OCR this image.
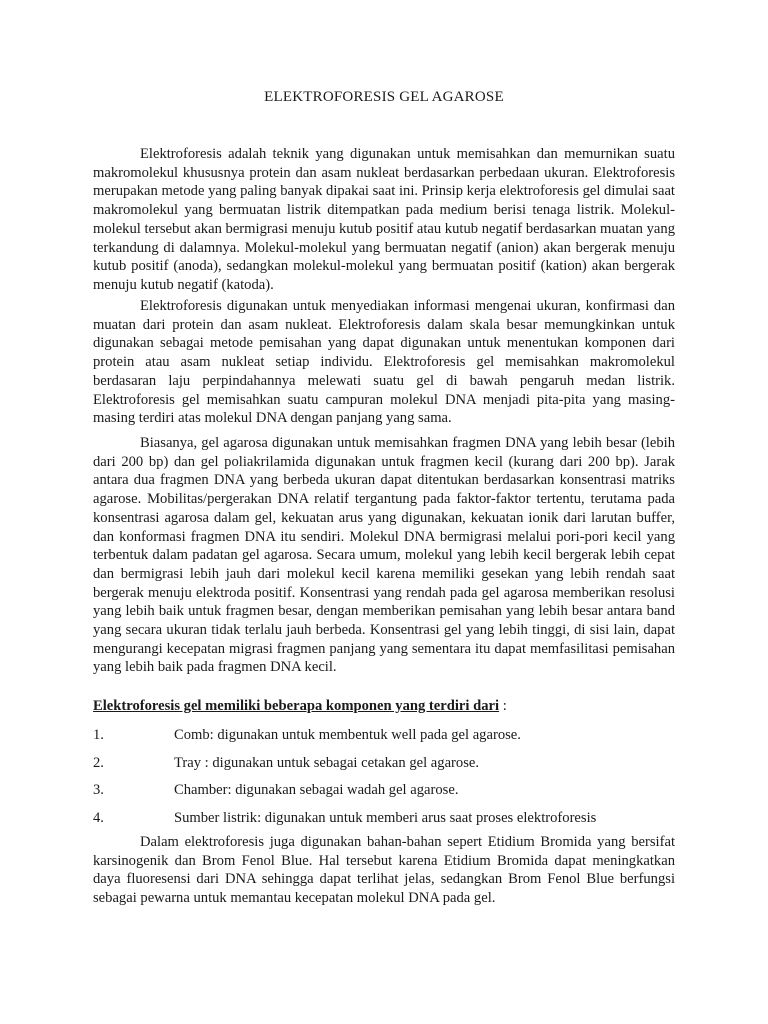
ELEKTROFORESIS GEL AGAROSE

Elektroforesis adalah teknik yang digunakan untuk memisahkan dan memurnikan suatu makromolekul khususnya protein dan asam nukleat berdasarkan perbedaan ukuran. Elektroforesis merupakan metode yang paling banyak dipakai saat ini. Prinsip kerja elektroforesis gel dimulai saat makromolekul yang bermuatan listrik ditempatkan pada medium berisi tenaga listrik. Molekul-molekul tersebut akan bermigrasi menuju kutub positif atau kutub negatif berdasarkan muatan yang terkandung di dalamnya. Molekul-molekul yang bermuatan negatif (anion) akan bergerak menuju kutub positif (anoda), sedangkan molekul-molekul yang bermuatan positif (kation) akan bergerak menuju kutub negatif (katoda).

Elektroforesis digunakan untuk menyediakan informasi mengenai ukuran, konfirmasi dan muatan dari protein dan asam nukleat. Elektroforesis dalam skala besar memungkinkan untuk digunakan sebagai metode pemisahan yang dapat digunakan untuk menentukan komponen dari protein atau asam nukleat setiap individu. Elektroforesis gel memisahkan makromolekul berdasaran laju perpindahannya melewati suatu gel di bawah pengaruh medan listrik. Elektroforesis gel memisahkan suatu campuran molekul DNA menjadi pita-pita yang masing-masing terdiri atas molekul DNA dengan panjang yang sama.

Biasanya, gel agarosa digunakan untuk memisahkan fragmen DNA yang lebih besar (lebih dari 200 bp) dan gel poliakrilamida digunakan untuk fragmen kecil (kurang dari 200 bp). Jarak antara dua fragmen DNA yang berbeda ukuran dapat ditentukan berdasarkan konsentrasi matriks agarose. Mobilitas/pergerakan DNA relatif tergantung pada faktor-faktor tertentu, terutama pada konsentrasi agarosa dalam gel, kekuatan arus yang digunakan, kekuatan ionik dari larutan buffer, dan konformasi fragmen DNA itu sendiri. Molekul DNA bermigrasi melalui pori-pori kecil yang terbentuk dalam padatan gel agarosa. Secara umum, molekul yang lebih kecil bergerak lebih cepat dan bermigrasi lebih jauh dari molekul kecil karena memiliki gesekan yang lebih rendah saat bergerak menuju elektroda positif. Konsentrasi yang rendah pada gel agarosa memberikan resolusi yang lebih baik untuk fragmen besar, dengan memberikan pemisahan yang lebih besar antara band yang secara ukuran tidak terlalu jauh berbeda. Konsentrasi gel yang lebih tinggi, di sisi lain, dapat mengurangi kecepatan migrasi fragmen panjang yang sementara itu dapat memfasilitasi pemisahan yang lebih baik pada fragmen DNA kecil.

Elektroforesis gel memiliki beberapa komponen yang terdiri dari :

1.	Comb: digunakan untuk membentuk well pada gel agarose.
2.	Tray : digunakan untuk sebagai cetakan gel agarose.
3.	Chamber: digunakan sebagai wadah gel agarose.
4.	Sumber listrik: digunakan untuk memberi arus saat proses elektroforesis

Dalam elektroforesis juga digunakan bahan-bahan sepert Etidium Bromida yang bersifat karsinogenik dan Brom Fenol Blue. Hal tersebut karena Etidium Bromida dapat meningkatkan daya fluoresensi dari DNA sehingga dapat terlihat jelas, sedangkan Brom Fenol Blue berfungsi sebagai pewarna untuk memantau kecepatan molekul DNA pada gel.
